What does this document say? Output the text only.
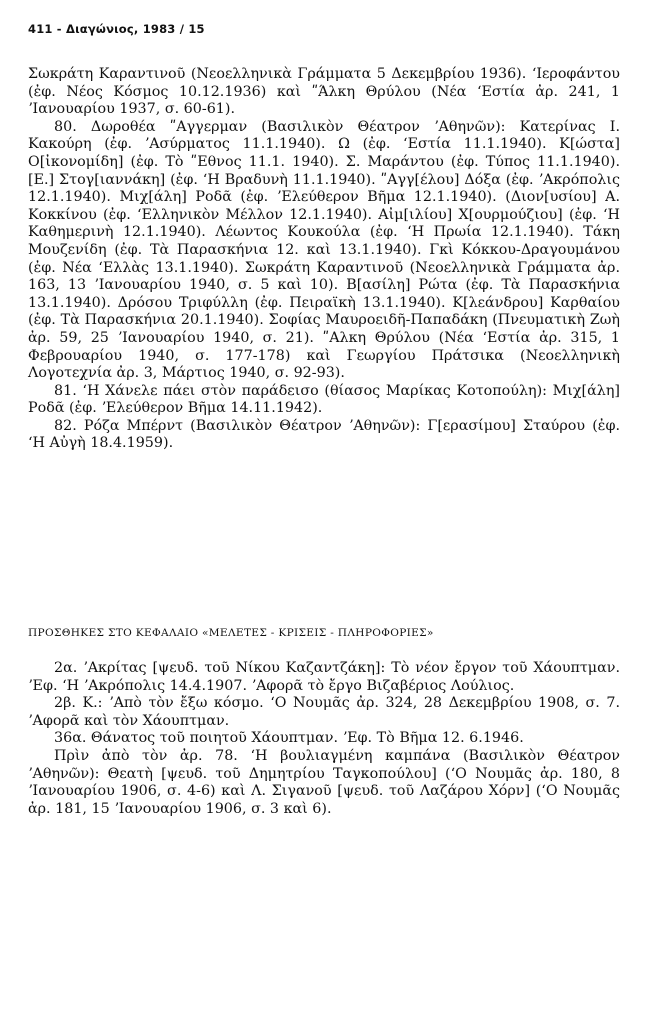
411 - Διαγώνιος, 1983 / 15

Σωκράτη Καραντινοῦ (Νεοελληνικὰ Γράμματα 5 Δεκεμβρίου 1936). ʻΙεροφάντου (ἐφ. Νέος Κόσμος 10.12.1936) καὶ ʺΆλκη Θρύλου (Νέα ʻΕστία ἀρ. 241, 1 ʼΙανουαρίου 1937, σ. 60-61).

80. Δωροθέα ʺΑγγερμαν (Βασιλικὸν Θέατρον ʼΑθηνῶν): Κατερίνας Ι. Κακούρη (ἐφ. ʼΑσύρματος 11.1.1940). Ω (ἐφ. ʻΕστία 11.1.1940). Κ[ώστα] Ο[ἰκονομίδη] (ἐφ. Τὸ ʺΕθνος 11.1. 1940). Σ. Μαράντου (ἐφ. Τύπος 11.1.1940). [Ε.] Στογ[ιαννάκη] (ἐφ. ʻΗ Βραδυνὴ 11.1.1940). ʺΑγγ[έλου] Δόξα (ἐφ. ʼΑκρόπολις 12.1.1940). Μιχ[άλη] Ροδᾶ (ἐφ. ʼΕλεύθερον Βῆμα 12.1.1940). (Διον[υσίου] Α. Κοκκίνου (ἐφ. ʻΕλληνικὸν Μέλλον 12.1.1940). Αἰμ[ιλίου] Χ[ουρμούζιου] (ἐφ. ʻΗ Καθημερινὴ 12.1.1940). Λέωντος Κουκούλα (ἐφ. ʻΗ Πρωία 12.1.1940). Τάκη Μουζενίδη (ἐφ. Τὰ Παρασκήνια 12. καὶ 13.1.1940). Γκὶ Κόκκου-Δραγουμάνου (ἐφ. Νέα ʻΕλλὰς 13.1.1940). Σωκράτη Καραντινοῦ (Νεοελληνικὰ Γράμματα ἀρ. 163, 13 ʼΙανουαρίου 1940, σ. 5 καὶ 10). Β[ασίλη] Ρώτα (ἐφ. Τὰ Παρασκήνια 13.1.1940). Δρόσου Τριφύλλη (ἐφ. Πειραϊκὴ 13.1.1940). Κ[λεάνδρου] Καρθαίου (ἐφ. Τὰ Παρασκήνια 20.1.1940). Σοφίας Μαυροειδῆ-Παπαδάκη (Πνευματικὴ Ζωὴ ἀρ. 59, 25 ʼΙανουαρίου 1940, σ. 21). ʺΑλκη Θρύλου (Νέα ʻΕστία ἀρ. 315, 1 Φεβρουαρίου 1940, σ. 177-178) καὶ Γεωργίου Πράτσικα (Νεοελληνικὴ Λογοτεχνία ἀρ. 3, Μάρτιος 1940, σ. 92-93).

81. ʻΗ Χάνελε πάει στὸν παράδεισο (θίασος Μαρίκας Κοτοπούλη): Μιχ[άλη] Ροδᾶ (ἐφ. ʼΕλεύθερον Βῆμα 14.11.1942).

82. Ρόζα Μπέρντ (Βασιλικὸν Θέατρον ʼΑθηνῶν): Γ[ερασίμου] Σταύρου (ἐφ. ʻΗ Αὐγὴ 18.4.1959).

ΠΡΟΣΘΗΚΕΣ ΣΤΟ ΚΕΦΑΛΑΙΟ «ΜΕΛΕΤΕΣ - ΚΡΙΣΕΙΣ - ΠΛΗΡΟΦΟΡΙΕΣ»

2α. ʼΑκρίτας [ψευδ. τοῦ Νίκου Καζαντζάκη]: Τὸ νέον ἔργον τοῦ Χάουπτμαν. ʼΕφ. ʻΗ ʼΑκρόπολις 14.4.1907. ʼΑφορᾶ τὸ ἔργο Βιζαβέριος Λούλιος.

2β. Κ.: ʼΑπὸ τὸν ἔξω κόσμο. ʻΟ Νουμᾶς ἀρ. 324, 28 Δεκεμβρίου 1908, σ. 7. ʼΑφορᾶ καὶ τὸν Χάουπτμαν.

36α. Θάνατος τοῦ ποιητοῦ Χάουπτμαν. ʼΕφ. Τὸ Βῆμα 12. 6.1946.

Πρὶν ἀπὸ τὸν ἀρ. 78. ʻΗ βουλιαγμένη καμπάνα (Βασιλικὸν Θέατρον ʼΑθηνῶν): Θεατὴ [ψευδ. τοῦ Δημητρίου Ταγκοπούλου] (ʻΟ Νουμᾶς ἀρ. 180, 8 ʼΙανουαρίου 1906, σ. 4-6) καὶ Λ. Σιγανοῦ [ψευδ. τοῦ Λαζάρου Χόρν] (ʻΟ Νουμᾶς ἀρ. 181, 15 ʼΙανουαρίου 1906, σ. 3 καὶ 6).
